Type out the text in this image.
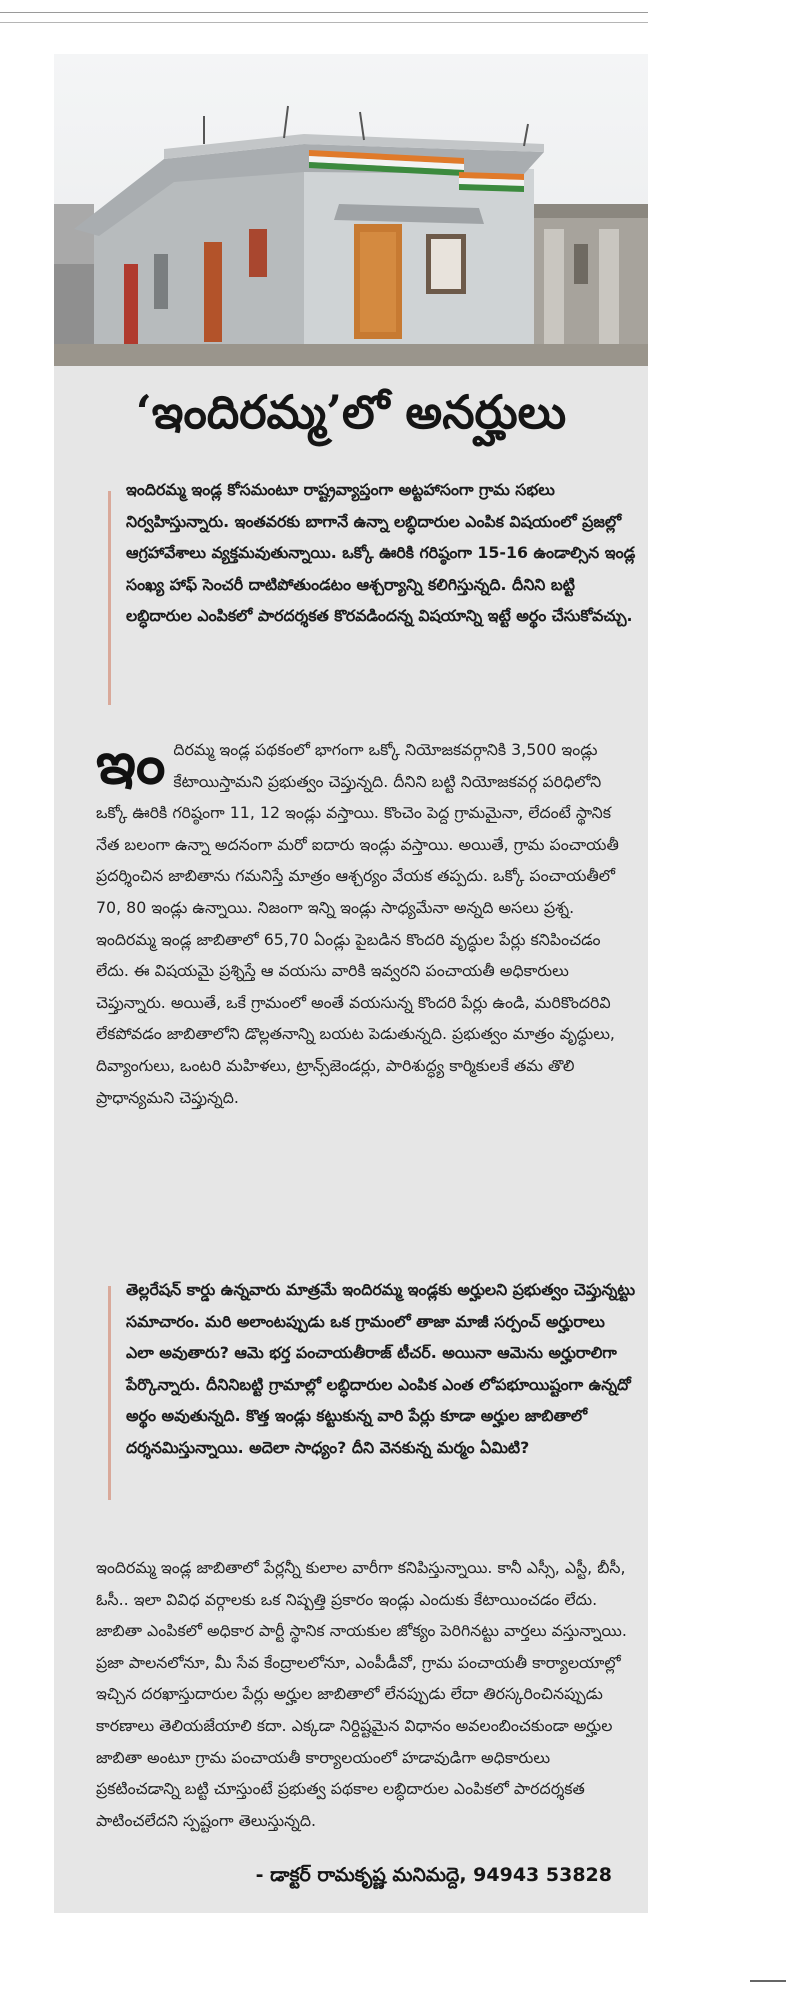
‘ఇందిరమ్మ’లో అనర్హులు
ఇందిరమ్మ ఇండ్ల కోసమంటూ రాష్ట్రవ్యాప్తంగా అట్టహాసంగా గ్రామ సభలు నిర్వహిస్తున్నారు. ఇంతవరకు బాగానే ఉన్నా లబ్ధిదారుల ఎంపిక విషయంలో ప్రజల్లో ఆగ్రహావేశాలు వ్యక్తమవుతున్నాయి. ఒక్కో ఊరికి గరిష్ఠంగా 15-16 ఉండాల్సిన ఇండ్ల సంఖ్య హాఫ్ సెంచరీ దాటిపోతుండటం ఆశ్చర్యాన్ని కలిగిస్తున్నది. దీనిని బట్టి లబ్ధిదారుల ఎంపికలో పారదర్శకత కొరవడిందన్న విషయాన్ని ఇట్టే అర్థం చేసుకోవచ్చు.
ఇందిరమ్మ ఇండ్ల పథకంలో భాగంగా ఒక్కో నియోజకవర్గానికి 3,500 ఇండ్లు కేటాయిస్తామని ప్రభుత్వం చెప్తున్నది. దీనిని బట్టి నియోజకవర్గ పరిధిలోని ఒక్కో ఊరికి గరిష్ఠంగా 11, 12 ఇండ్లు వస్తాయి. కొంచెం పెద్ద గ్రామమైనా, లేదంటే స్థానిక నేత బలంగా ఉన్నా అదనంగా మరో ఐదారు ఇండ్లు వస్తాయి. అయితే, గ్రామ పంచాయతీ ప్రదర్శించిన జాబితాను గమనిస్తే మాత్రం ఆశ్చర్యం వేయక తప్పదు. ఒక్కో పంచాయతీలో 70, 80 ఇండ్లు ఉన్నాయి. నిజంగా ఇన్ని ఇండ్లు సాధ్యమేనా అన్నది అసలు ప్రశ్న. ఇందిరమ్మ ఇండ్ల జాబితాలో 65,70 ఏండ్లు పైబడిన కొందరి వృద్ధుల పేర్లు కనిపించడం లేదు. ఈ విషయమై ప్రశ్నిస్తే ఆ వయసు వారికి ఇవ్వరని పంచాయతీ అధికారులు చెప్తున్నారు. అయితే, ఒకే గ్రామంలో అంతే వయసున్న కొందరి పేర్లు ఉండి, మరికొందరివి లేకపోవడం జాబితాలోని డొల్లతనాన్ని బయట పెడుతున్నది. ప్రభుత్వం మాత్రం వృద్ధులు, దివ్యాంగులు, ఒంటరి మహిళలు, ట్రాన్స్‌జెండర్లు, పారిశుద్ధ్య కార్మికులకే తమ తొలి ప్రాధాన్యమని చెప్తున్నది.
తెల్లరేషన్ కార్డు ఉన్నవారు మాత్రమే ఇందిరమ్మ ఇండ్లకు అర్హులని ప్రభుత్వం చెప్తున్నట్టు సమాచారం. మరి అలాంటప్పుడు ఒక గ్రామంలో తాజా మాజీ సర్పంచ్ అర్హురాలు ఎలా అవుతారు? ఆమె భర్త పంచాయతీరాజ్ టీచర్. అయినా ఆమెను అర్హురాలిగా పేర్కొన్నారు. దీనినిబట్టి గ్రామాల్లో లబ్ధిదారుల ఎంపిక ఎంత లోపభూయిష్టంగా ఉన్నదో అర్థం అవుతున్నది. కొత్త ఇండ్లు కట్టుకున్న వారి పేర్లు కూడా అర్హుల జాబితాలో దర్శనమిస్తున్నాయి. అదెలా సాధ్యం? దీని వెనకున్న మర్మం ఏమిటి?
ఇందిరమ్మ ఇండ్ల జాబితాలో పేర్లన్నీ కులాల వారీగా కనిపిస్తున్నాయి. కానీ ఎస్సీ, ఎస్టీ, బీసీ, ఓసీ.. ఇలా వివిధ వర్గాలకు ఒక నిష్పత్తి ప్రకారం ఇండ్లు ఎందుకు కేటాయించడం లేదు. జాబితా ఎంపికలో అధికార పార్టీ స్థానిక నాయకుల జోక్యం పెరిగినట్టు వార్తలు వస్తున్నాయి. ప్రజా పాలనలోనూ, మీ సేవ కేంద్రాలలోనూ, ఎంపీడీవో, గ్రామ పంచాయతీ కార్యాలయాల్లో ఇచ్చిన దరఖాస్తుదారుల పేర్లు అర్హుల జాబితాలో లేనప్పుడు లేదా తిరస్కరించినప్పుడు కారణాలు తెలియజేయాలి కదా. ఎక్కడా నిర్దిష్టమైన విధానం అవలంబించకుండా అర్హుల జాబితా అంటూ గ్రామ పంచాయతీ కార్యాలయంలో హడావుడిగా అధికారులు ప్రకటించడాన్ని బట్టి చూస్తుంటే ప్రభుత్వ పథకాల లబ్ధిదారుల ఎంపికలో పారదర్శకత పాటించలేదని స్పష్టంగా తెలుస్తున్నది.
- డాక్టర్ రామకృష్ణ మనిమద్దె, 94943 53828
